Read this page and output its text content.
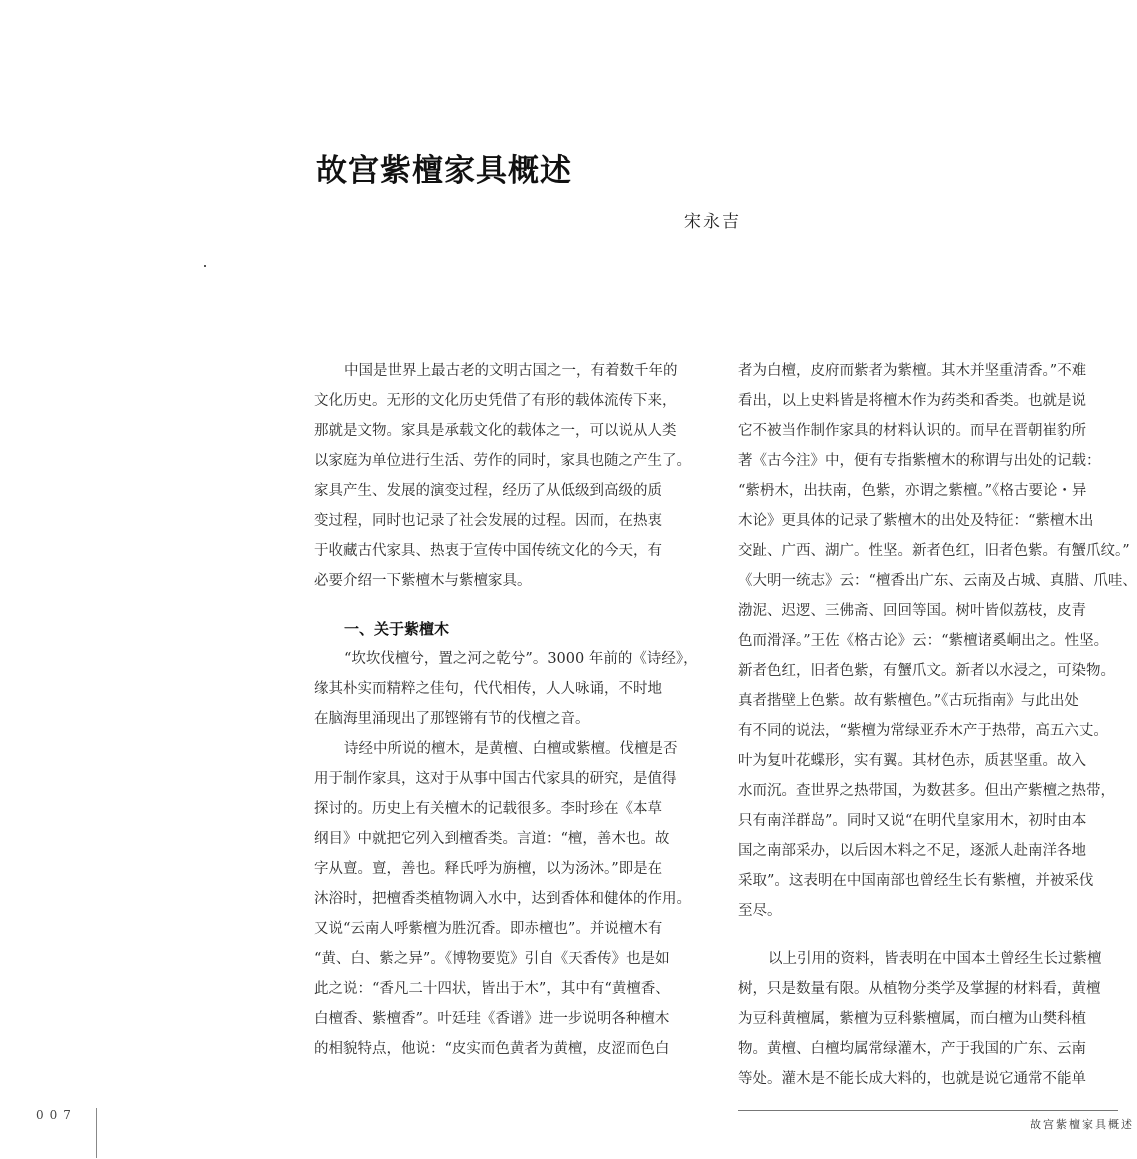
故宫紫檀家具概述
宋永吉
中国是世界上最古老的文明古国之一，有着数千年的
文化历史。无形的文化历史凭借了有形的载体流传下来，
那就是文物。家具是承载文化的载体之一，可以说从人类
以家庭为单位进行生活、劳作的同时，家具也随之产生了。
家具产生、发展的演变过程，经历了从低级到高级的质
变过程，同时也记录了社会发展的过程。因而，在热衷
于收藏古代家具、热衷于宣传中国传统文化的今天，有
必要介绍一下紫檀木与紫檀家具。
一、关于紫檀木
“坎坎伐檀兮，置之河之乾兮”。3000 年前的《诗经》，
缘其朴实而精粹之佳句，代代相传，人人咏诵，不时地
在脑海里涌现出了那铿锵有节的伐檀之音。
诗经中所说的檀木，是黄檀、白檀或紫檀。伐檀是否
用于制作家具，这对于从事中国古代家具的研究，是值得
探讨的。历史上有关檀木的记载很多。李时珍在《本草
纲目》中就把它列入到檀香类。言道：“檀，善木也。故
字从亶。亶，善也。释氏呼为旃檀，以为汤沐。”即是在
沐浴时，把檀香类植物调入水中，达到香体和健体的作用。
又说“云南人呼紫檀为胜沉香。即赤檀也”。并说檀木有
“黄、白、紫之异”。《博物要览》引自《天香传》也是如
此之说：“香凡二十四状，皆出于木”，其中有“黄檀香、
白檀香、紫檀香”。叶廷珪《香谱》进一步说明各种檀木
的相貌特点，他说：“皮实而色黄者为黄檀，皮涩而色白
者为白檀，皮府而紫者为紫檀。其木并坚重清香。”不难
看出，以上史料皆是将檀木作为药类和香类。也就是说
它不被当作制作家具的材料认识的。而早在晋朝崔豹所
著《古今注》中，便有专指紫檀木的称谓与出处的记载：
“紫枬木，出扶南，色紫，亦谓之紫檀。”《格古要论・异
木论》更具体的记录了紫檀木的出处及特征：“紫檀木出
交趾、广西、湖广。性坚。新者色红，旧者色紫。有蟹爪纹。”
《大明一统志》云：“檀香出广东、云南及占城、真腊、爪哇、
渤泥、迟逻、三佛斋、回回等国。树叶皆似荔枝，皮青
色而滑泽。”王佐《格古论》云：“紫檀诸奚峒出之。性坚。
新者色红，旧者色紫，有蟹爪文。新者以水浸之，可染物。
真者揩壁上色紫。故有紫檀色。”《古玩指南》与此出处
有不同的说法，“紫檀为常绿亚乔木产于热带，高五六丈。
叶为复叶花蝶形，实有翼。其材色赤，质甚坚重。故入
水而沉。查世界之热带国，为数甚多。但出产紫檀之热带，
只有南洋群岛”。同时又说“在明代皇家用木，初时由本
国之南部采办，以后因木料之不足，逐派人赴南洋各地
采取”。这表明在中国南部也曾经生长有紫檀，并被采伐
至尽。
以上引用的资料，皆表明在中国本土曾经生长过紫檀
树，只是数量有限。从植物分类学及掌握的材料看，黄檀
为豆科黄檀属，紫檀为豆科紫檀属，而白檀为山樊科植
物。黄檀、白檀均属常绿灌木，产于我国的广东、云南
等处。灌木是不能长成大料的，也就是说它通常不能单
007
故宫紫檀家具概述
